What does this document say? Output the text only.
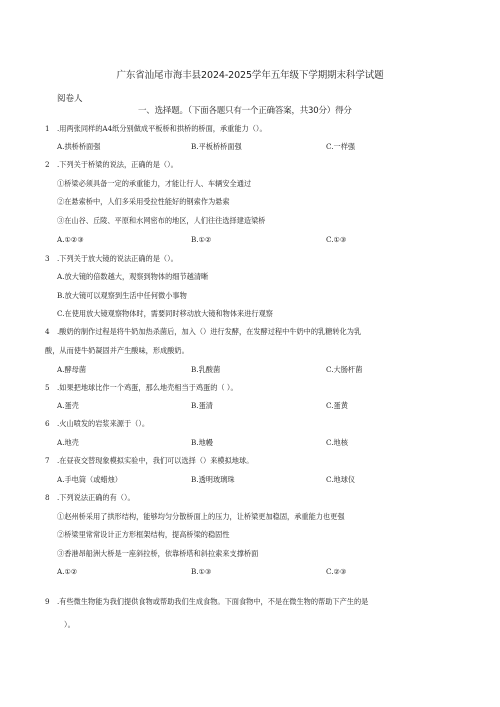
广东省汕尾市海丰县2024-2025学年五年级下学期期末科学试题
阅卷人
一、选择题。（下面各题只有一个正确答案，共30分）得分
1 .用两张同样的A4纸分别做成平板桥和拱桥的桥面，承重能力（）。
A.拱桥桥面强	B.平板桥桥面强	C.一样强
2 .下列关于桥梁的说法，正确的是（）。
①桥梁必须具备一定的承重能力，才能让行人、车辆安全通过
②在悬索桥中，人们多采用受拉性能好的钢索作为悬索
③在山谷、丘陵、平原和水网密布的地区，人们往往选择建造梁桥
A.①②③	B.①②	C.①③
3 .下列关于放大镜的说法正确的是（）。
A.放大镜的倍数越大，观察到物体的细节越清晰
B.放大镜可以观察到生活中任何微小事物
C.在使用放大镜观察物体时，需要同时移动放大镜和物体来进行观察
4 .酸奶的制作过程是将牛奶加热杀菌后，加入（）进行发酵，在发酵过程中牛奶中的乳糖转化为乳
酸，从而使牛奶凝固并产生酸味，形成酸奶。
A.酵母菌	B.乳酸菌	C.大肠杆菌
5 .如果把地球比作一个鸡蛋，那么地壳相当于鸡蛋的（ ）。
A.蛋壳	B.蛋清	C.蛋黄
6 .火山喷发的岩浆来源于（）。
A.地壳	B.地幔	C.地核
7 .在昼夜交替现象模拟实验中，我们可以选择（）来模拟地球。
A.手电筒（或蜡烛）	B.透明玻璃珠	C.地球仪
8 .下列说法正确的有（）。
①赵州桥采用了拱形结构，能够均匀分散桥面上的压力，让桥梁更加稳固，承重能力也更强
②桥梁里常常设计正方形框架结构，提高桥梁的稳固性
③香港昂船洲大桥是一座斜拉桥，依靠桥塔和斜拉索来支撑桥面
A.①②	B.①③	C.②③
9 .有些微生物能为我们提供食物或帮助我们生成食物。下面食物中，不是在微生物的帮助下产生的是
）。
